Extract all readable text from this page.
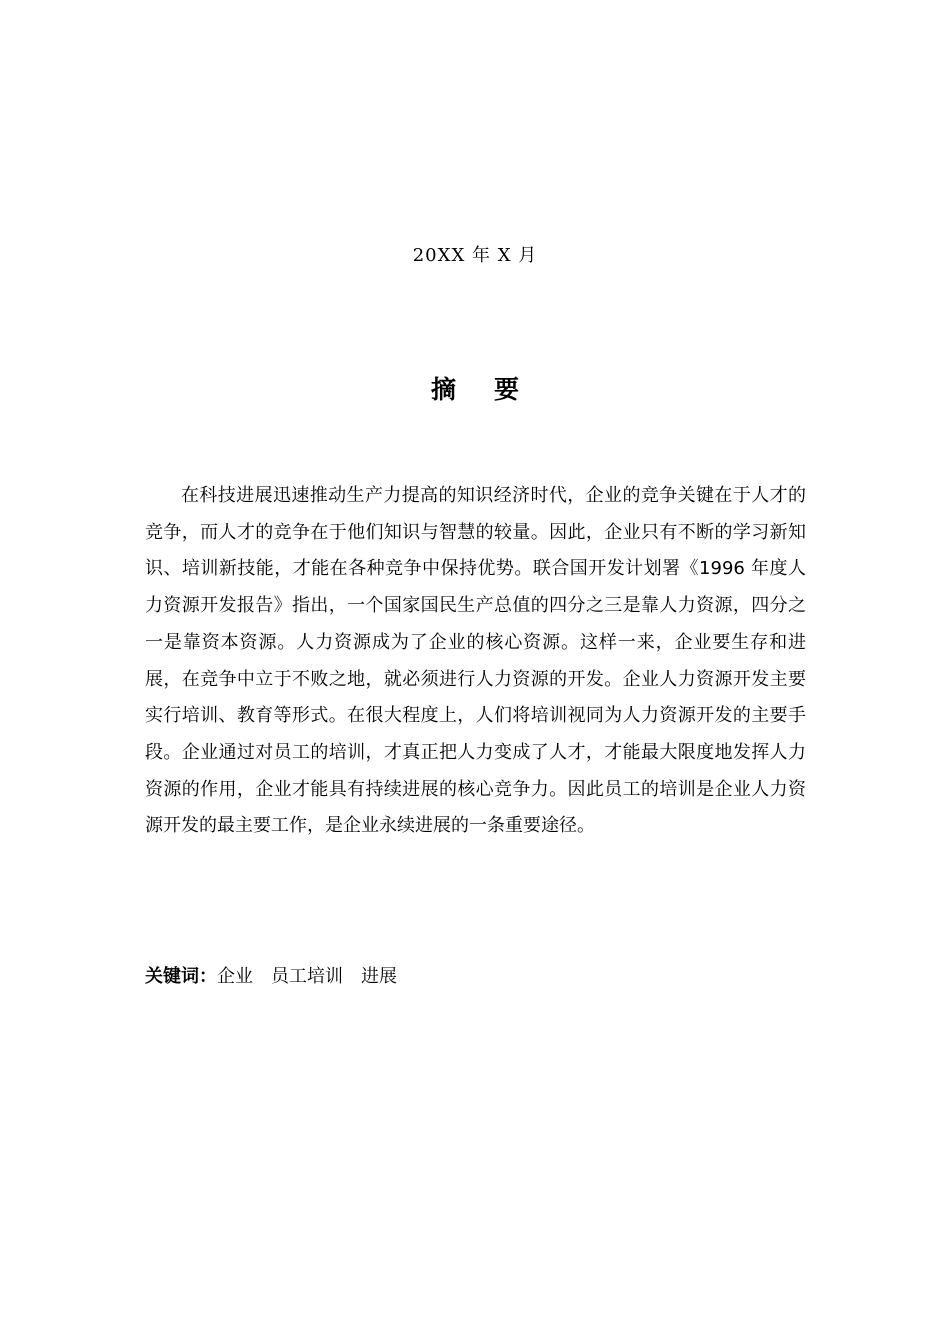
20XX 年 X 月
摘要

在科技进展迅速推动生产力提高的知识经济时代，企业的竞争关键在于人才的竞争，而人才的竞争在于他们知识与智慧的较量。因此，企业只有不断的学习新知识、培训新技能，才能在各种竞争中保持优势。联合国开发计划署《1996 年度人力资源开发报告》指出，一个国家国民生产总值的四分之三是靠人力资源，四分之一是靠资本资源。人力资源成为了企业的核心资源。这样一来，企业要生存和进展，在竞争中立于不败之地，就必须进行人力资源的开发。企业人力资源开发主要实行培训、教育等形式。在很大程度上，人们将培训视同为人力资源开发的主要手段。企业通过对员工的培训，才真正把人力变成了人才，才能最大限度地发挥人力资源的作用，企业才能具有持续进展的核心竞争力。因此员工的培训是企业人力资源开发的最主要工作，是企业永续进展的一条重要途径。

关键词：企业 员工培训 进展
